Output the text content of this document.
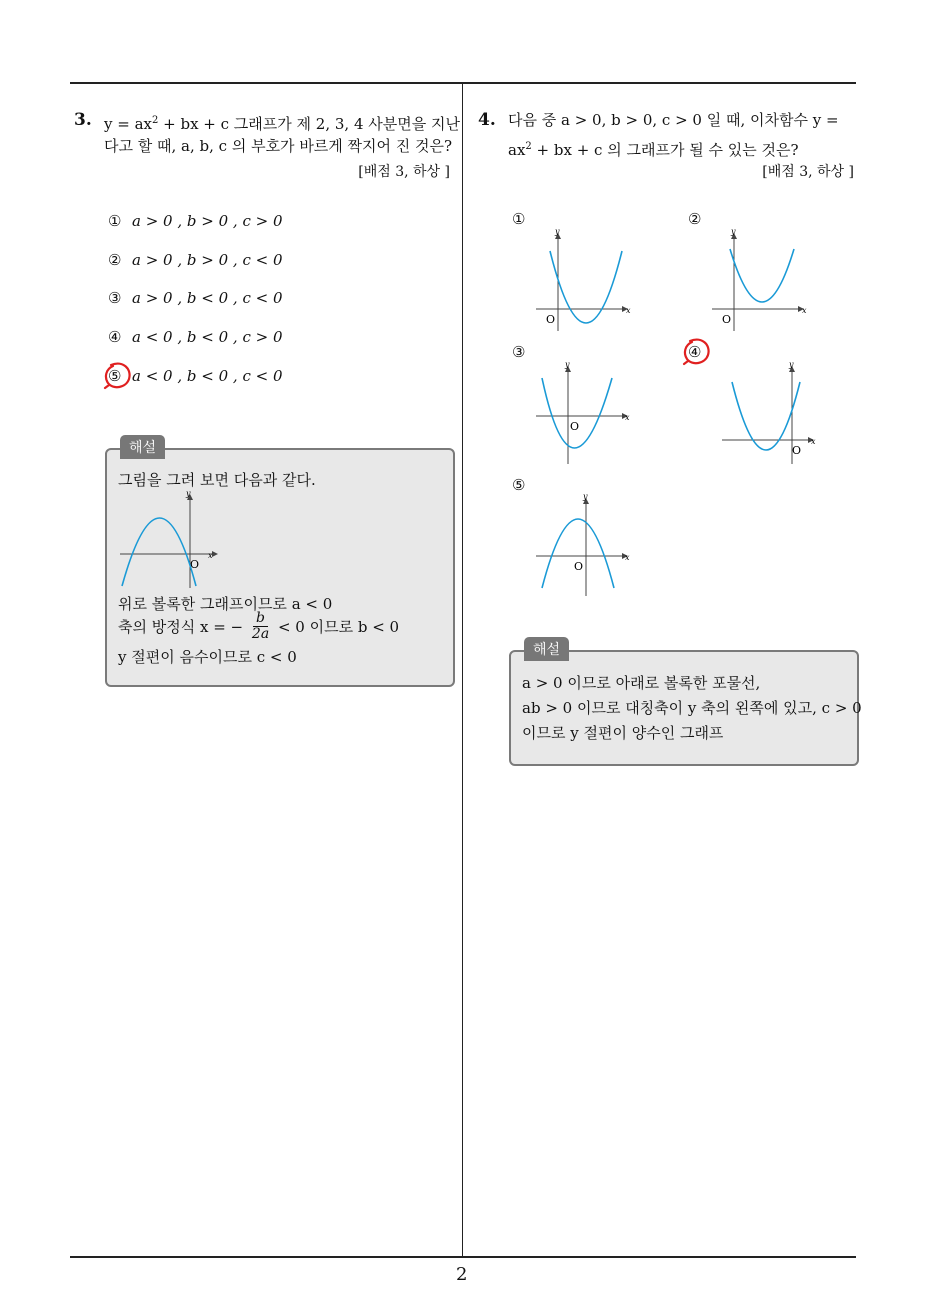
3. $y = ax^2$ + bx + c 그래프가 제 2, 3, 4 사분면을 지난
다고 할 때, a, b, c 의 부호가 바르게 짝지어 진 것은?
[배점 3, 하상 ]
① a > 0 , b > 0 , c > 0
② a > 0 , b > 0 , c < 0
③ a > 0 , b < 0 , c < 0
④ a < 0 , b < 0 , c > 0
⑤ a < 0 , b < 0 , c < 0
해설
그림을 그려 보면 다음과 같다.
x
y
O
위로 볼록한 그래프이므로 a < 0
축의 방정식 x = − $\frac{b}{2a} < 0$ 이므로 b < 0
y 절편이 음수이므로 c < 0
4. 다음 중 a > 0, b > 0, c > 0 일 때, 이차함수 y =
$ax^2$ + bx + c 의 그래프가 될 수 있는 것은?
[배점 3, 하상 ]
①	②
③	④
⑤
x
y
O
x
y
O
x
y
O
x
y
O
x
y
O
해설
a > 0 이므로 아래로 볼록한 포물선,
ab > 0 이므로 대칭축이 y 축의 왼쪽에 있고, c > 0
이므로 y 절편이 양수인 그래프
2
